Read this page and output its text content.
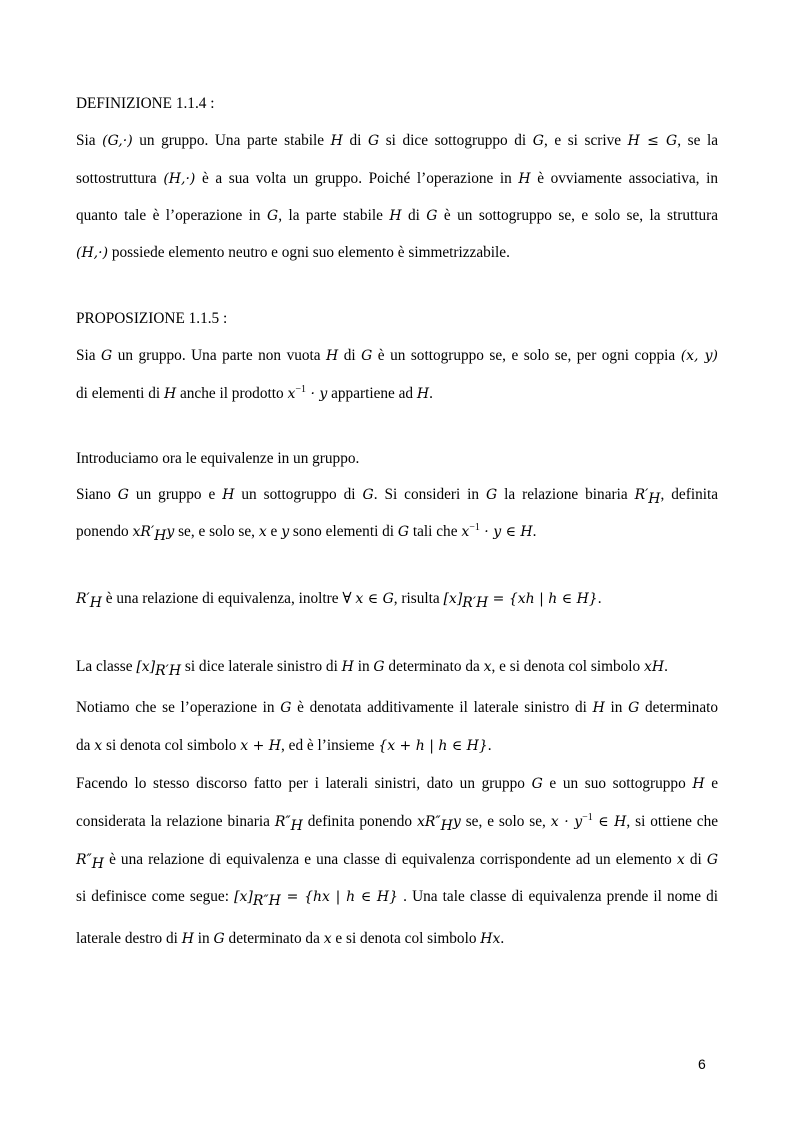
DEFINIZIONE 1.1.4 :
Sia (G,·) un gruppo. Una parte stabile H di G si dice sottogruppo di G, e si scrive H ≤ G, se la
sottostruttura (H,·) è a sua volta un gruppo. Poiché l’operazione in H è ovviamente associativa, in
quanto tale è l’operazione in G, la parte stabile H di G è un sottogruppo se, e solo se, la struttura
(H,·) possiede elemento neutro e ogni suo elemento è simmetrizzabile.
PROPOSIZIONE 1.1.5 :
Sia G un gruppo. Una parte non vuota H di G è un sottogruppo se, e solo se, per ogni coppia (x, y)
di elementi di H anche il prodotto $x^{-1} \cdot y$ appartiene ad H.
Introduciamo ora le equivalenze in un gruppo.
Siano G un gruppo e H un sottogruppo di G. Si consideri in G la relazione binaria $R'_H$, definita
ponendo $xR'_Hy$ se, e solo se, x e y sono elementi di G tali che $x^{-1} \cdot y$ ∈ H.
$R'_H$ è una relazione di equivalenza, inoltre ∀ x ∈ G, risulta $[x]_{R'H} = \{xh$ | h ∈ H}.
La classe $[x]_{R'H}$ si dice laterale sinistro di H in G determinato da x, e si denota col simbolo xH.
Notiamo che se l’operazione in G è denotata additivamente il laterale sinistro di H in G determinato
da x si denota col simbolo x + H, ed è l’insieme {x + h | h ∈ H}.
Facendo lo stesso discorso fatto per i laterali sinistri, dato un gruppo G e un suo sottogruppo H e
considerata la relazione binaria $R''_H$ definita ponendo $xR''_Hy$ se, e solo se, $x \cdot y^{-1}$ ∈ H, si ottiene che
$R''_H$ è una relazione di equivalenza e una classe di equivalenza corrispondente ad un elemento x di G
si definisce come segue: $[x]_{R''H} = \{hx$ | h ∈ H} . Una tale classe di equivalenza prende il nome di
laterale destro di H in G determinato da x e si denota col simbolo Hx.
6
